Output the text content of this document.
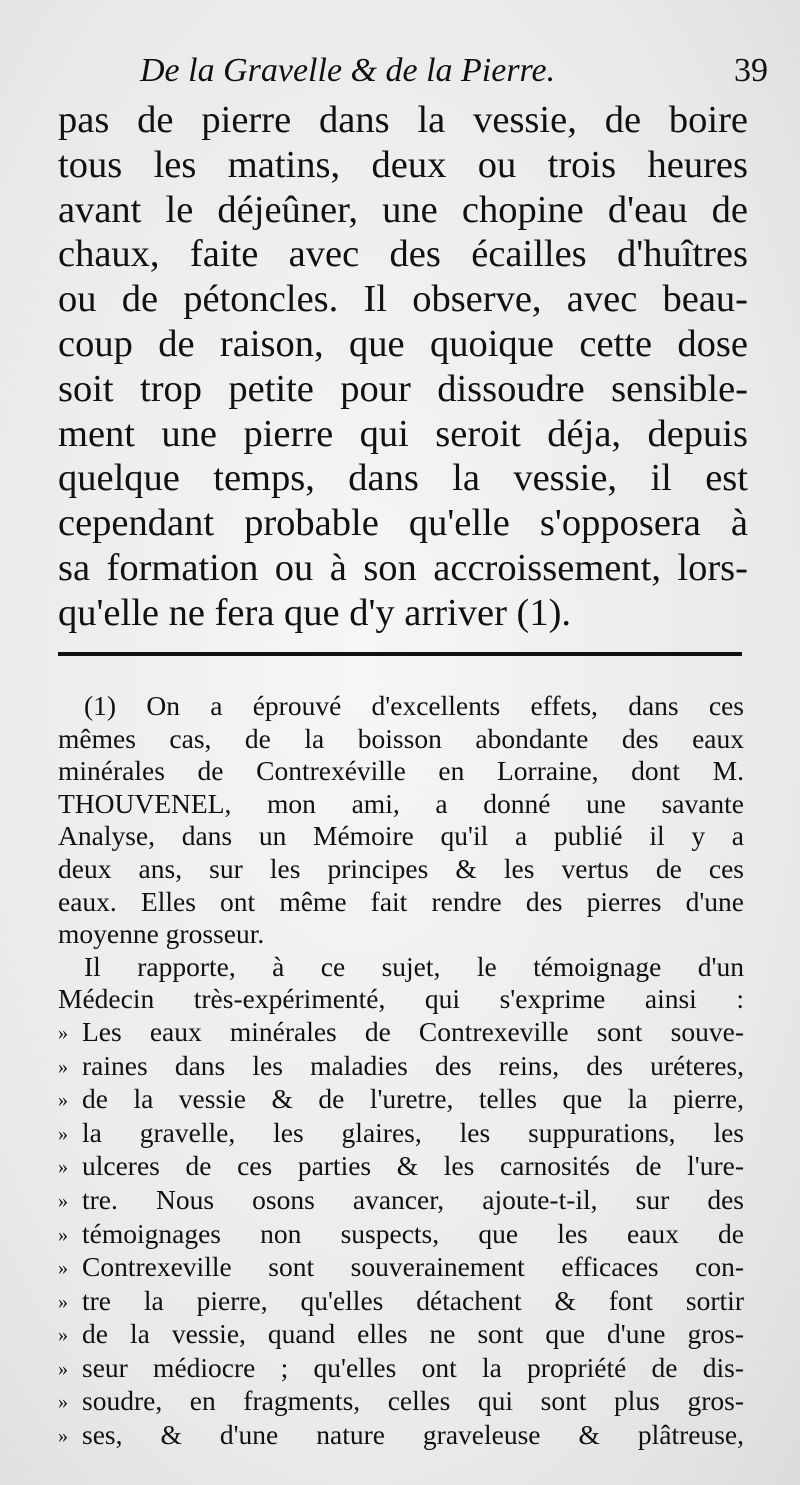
De la Gravelle & de la Pierre.	39
pas de pierre dans la vessie, de boire
tous les matins, deux ou trois heures
avant le déjeûner, une chopine d'eau de
chaux, faite avec des écailles d'huîtres
ou de pétoncles. Il observe, avec beau-
coup de raison, que quoique cette dose
soit trop petite pour dissoudre sensible-
ment une pierre qui seroit déja, depuis
quelque temps, dans la vessie, il est
cependant probable qu'elle s'opposera à
sa formation ou à son accroissement, lors-
qu'elle ne fera que d'y arriver (1).
(1) On a éprouvé d'excellents effets, dans ces
mêmes cas, de la boisson abondante des eaux
minérales de Contrexéville en Lorraine, dont M.
THOUVENEL, mon ami, a donné une savante
Analyse, dans un Mémoire qu'il a publié il y a
deux ans, sur les principes & les vertus de ces
eaux. Elles ont même fait rendre des pierres d'une
moyenne grosseur.
Il rapporte, à ce sujet, le témoignage d'un
Médecin très-expérimenté, qui s'exprime ainsi :
» Les eaux minérales de Contrexeville sont souve-
» raines dans les maladies des reins, des uréteres,
» de la vessie & de l'uretre, telles que la pierre,
» la gravelle, les glaires, les suppurations, les
» ulceres de ces parties & les carnosités de l'ure-
» tre. Nous osons avancer, ajoute-t-il, sur des
» témoignages non suspects, que les eaux de
» Contrexeville sont souverainement efficaces con-
» tre la pierre, qu'elles détachent & font sortir
» de la vessie, quand elles ne sont que d'une gros-
» seur médiocre ; qu'elles ont la propriété de dis-
» soudre, en fragments, celles qui sont plus gros-
» ses, & d'une nature graveleuse & plâtreuse,
